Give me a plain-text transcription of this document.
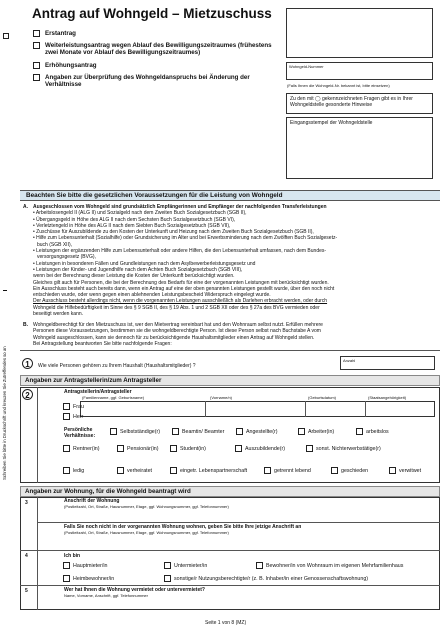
Schreiben Sie bitte in Druckschrift und kreuzen Sie Zutreffendes so an
Antrag auf Wohngeld – Mietzuschuss
Erstantrag
Weiterleistungsantrag wegen Ablauf des Bewilligungszeitraumes (frühestens zwei Monate vor Ablauf des Bewilligungszeitraumes)
Erhöhungsantrag
Angaben zur Überprüfung des Wohngeldanspruchs bei Änderung der Verhältnisse
Wohngeld-Nummer
(Falls Ihnen die Wohngeld-Nr. bekannt ist, bitte einsetzen)
Zu den mit ◯ gekennzeichneten Fragen gibt es in Ihrer Wohngeldstelle gesonderte Hinweise
Eingangsstempel der Wohngeldstelle
Beachten Sie bitte die gesetzlichen Voraussetzungen für die Leistung von Wohngeld
A. Ausgeschlossen vom Wohngeld sind grundsätzlich Empfängerinnen und Empfänger der nachfolgenden Transferleistungen
• Arbeitslosengeld II (ALG II) und Sozialgeld nach dem Zweiten Buch Sozialgesetzbuch (SGB II),
• Übergangsgeld in Höhe des ALG II nach dem Sechsten Buch Sozialgesetzbuch (SGB VI),
• Verletztengeld in Höhe des ALG II nach dem Siebten Buch Sozialgesetzbuch (SGB VII),
• Zuschüsse für Auszubildende zu den Kosten der Unterkunft und Heizung nach dem Zweiten Buch Sozialgesetzbuch (SGB II),
• Hilfe zum Lebensunterhalt (Sozialhilfe) oder Grundsicherung im Alter und bei Erwerbsminderung nach dem Zwölften Buch Sozialgesetz-
buch (SGB XII),
• Leistungen der ergänzenden Hilfe zum Lebensunterhalt oder andere Hilfen, die den Lebensunterhalt umfassen, nach dem Bundes-
versorgungsgesetz (BVG),
• Leistungen in besonderen Fällen und Grundleistungen nach dem Asylbewerberleistungsgesetz und
• Leistungen der Kinder- und Jugendhilfe nach dem Achten Buch Sozialgesetzbuch (SGB VIII),
wenn bei der Berechnung dieser Leistung die Kosten der Unterkunft berücksichtigt wurden.
Gleiches gilt auch für Personen, die bei der Berechnung des Bedarfs für eine der vorgenannten Leistungen mit berücksichtigt wurden.
Ein Ausschluss besteht auch bereits dann, wenn ein Antrag auf eine der oben genannten Leistungen gestellt wurde, über den noch nicht
entschieden wurde, oder wenn gegen einen ablehnenden Leistungsbescheid Widerspruch eingelegt wurde.
Der Ausschluss besteht allerdings nicht, wenn die vorgenannten Leistungen ausschließlich als Darlehen erbracht werden, oder durch
Wohngeld die Hilfebedürftigkeit im Sinne des § 9 SGB II, des § 19 Abs. 1 und 2 SGB XII oder des § 27a des BVG vermieden oder
beseitigt werden kann.
B. Wohngeldberechtigt für den Mietzuschuss ist, wer den Mietvertrag vereinbart hat und den Wohnraum selbst nutzt. Erfüllen mehrere
Personen diese Voraussetzungen, bestimmen sie die wohngeldberechtigte Person. Ist diese Person selbst nach Buchstabe A vom
Wohngeld ausgeschlossen, kann sie dennoch für zu berücksichtigende Haushaltsmitglieder einen Antrag auf Wohngeld stellen.
Bei Antragstellung beantworten Sie bitte nachfolgende Fragen:
1	Wie viele Personen gehören zu Ihrem Haushalt (Haushaltsmitglieder) ?
Anzahl
Angaben zur Antragstellerin/zum Antragsteller
2	Antragstellerin/Antragsteller
(Familienname, ggf. Geburtsname)	(Vorname/n)	(Geburtsdatum)	(Staatsangehörigkeit)
Frau
Herr
Persönliche Verhältnisse:
Selbstständige(r)	Beamtin/ Beamter	Angestellte(r)	Arbeiter(in)	arbeitslos
Rentner(in)	Pensionär(in)	Student(in)	Auszubildende(r)	sonst. Nichterwerbstätige(r)
ledig	verheiratet	eingetr. Lebenspartnerschaft	getrennt lebend	geschieden	verwitwet
Angaben zur Wohnung, für die Wohngeld beantragt wird
3	Anschrift der Wohnung
(Postleitzahl, Ort, Straße, Hausnummer, Etage, ggf. Wohnungsnummer, ggf. Telefonnummer)
Falls Sie noch nicht in der vorgenannten Wohnung wohnen, geben Sie bitte Ihre jetzige Anschrift an
(Postleitzahl, Ort, Straße, Hausnummer, Etage, ggf. Wohnungsnummer, ggf. Telefonnummer)
4	Ich bin
Hauptmieter/in	Untermieter/in	Bewohner/in von Wohnraum im eigenen Mehrfamilienhaus
Heimbewohner/in	sonstige/r Nutzungsberechtigte/r (z. B. Inhaber/in einer Genossenschaftswohnung)
5	Wer hat Ihnen die Wohnung vermietet oder untervermietet?
Name, Vorname, Anschrift, ggf. Telefonnummer
Seite 1 von 8 (MZ)
